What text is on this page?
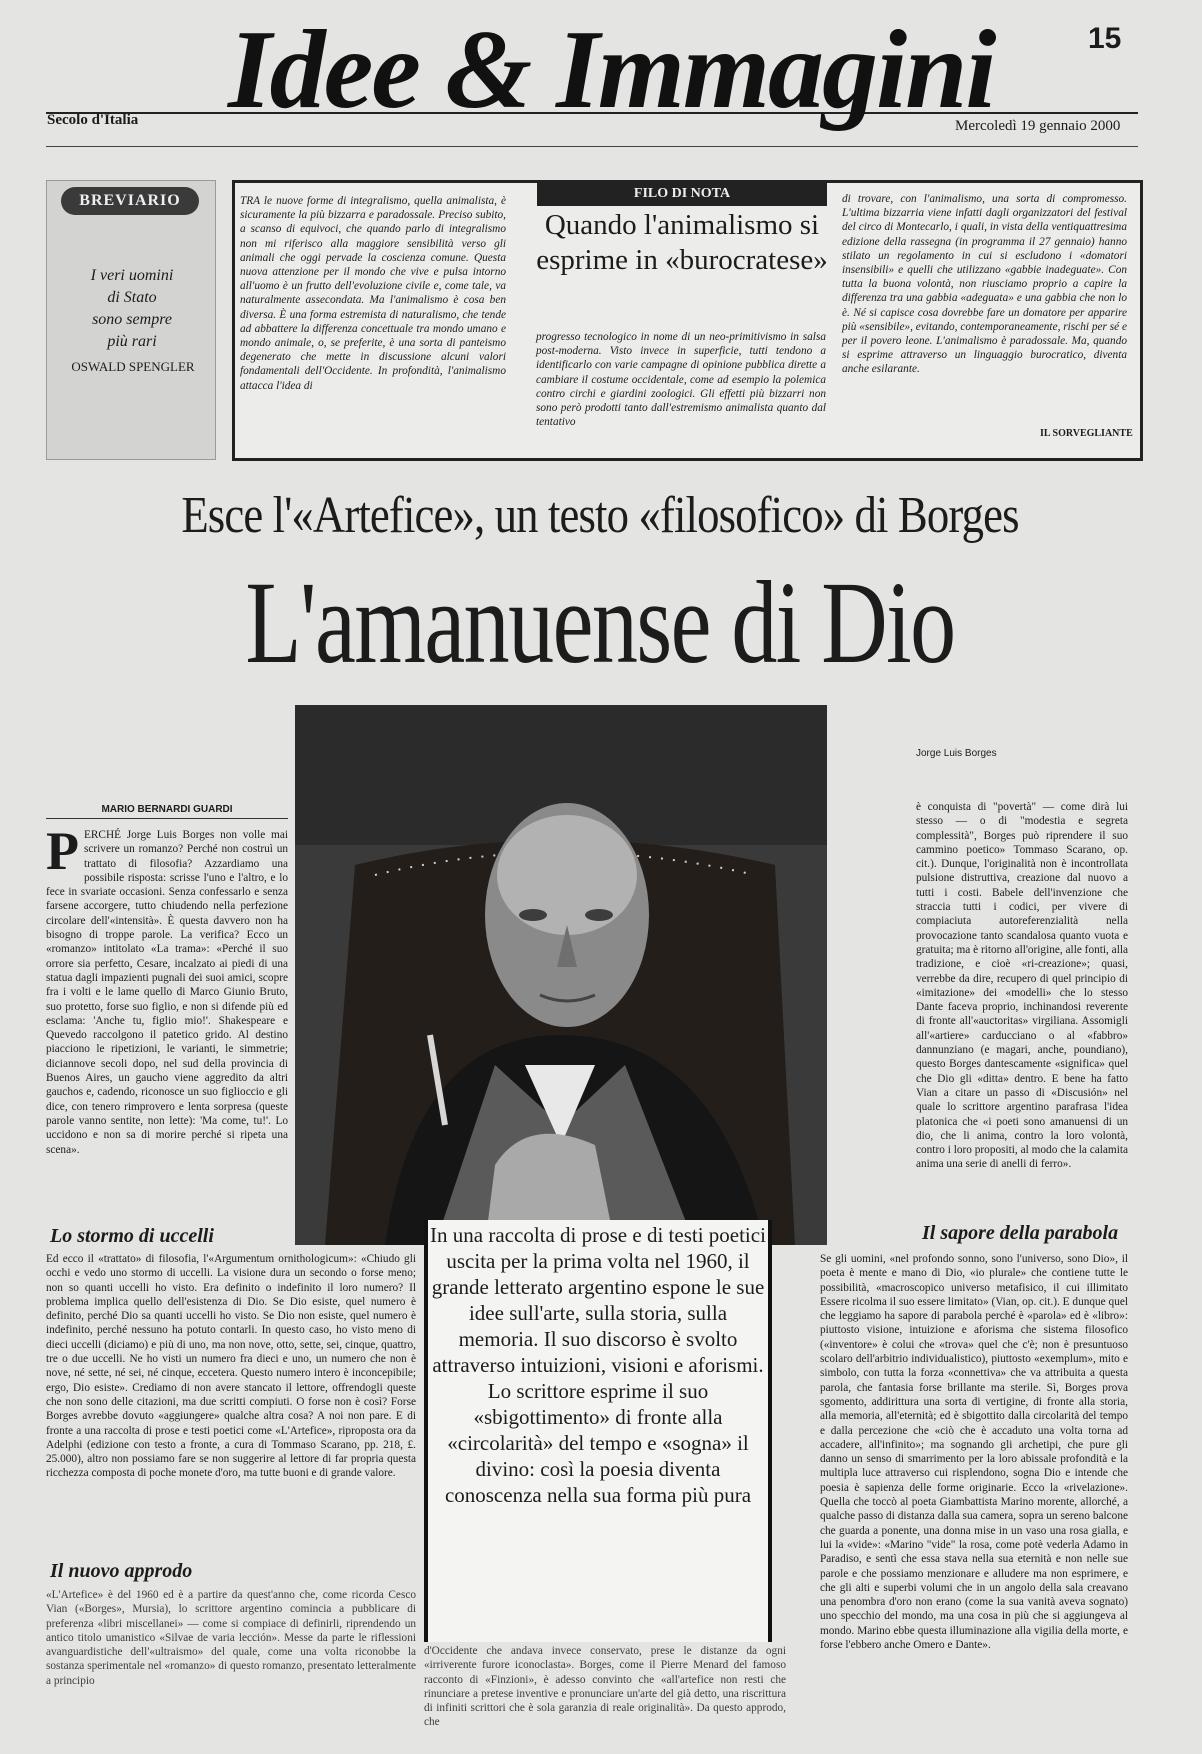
15
Secolo d'Italia Idee & Immagini
Mercoledì 19 gennaio 2000
BREVIARIO
I veri uomini
di Stato
sono sempre
più rari
OSWALD SPENGLER
TRA le nuove forme di integralismo, quella animalista, è sicuramente la più bizzarra e paradossale. Preciso subito, a scanso di equivoci, che quando parlo di integralismo non mi riferisco alla maggiore sensibilità verso gli animali che oggi pervade la coscienza comune. Questa nuova attenzione per il mondo che vive e pulsa intorno all'uomo è un frutto dell'evoluzione civile e, come tale, va naturalmente assecondata. Ma l'animalismo è cosa ben diversa. È una forma estremista di naturalismo, che tende ad abbattere la differenza concettuale tra mondo umano e mondo animale, o, se preferite, è una sorta di panteismo degenerato che mette in discussione alcuni valori fondamentali dell'Occidente. In profondità, l'animalismo attacca l'idea di
FILO DI NOTA
Quando l'animalismo si esprime in «burocratese»
progresso tecnologico in nome di un neo-primitivismo in salsa post-moderna. Visto invece in superficie, tutti tendono a identificarlo con varie campagne di opinione pubblica dirette a cambiare il costume occidentale, come ad esempio la polemica contro circhi e giardini zoologici. Gli effetti più bizzarri non sono però prodotti tanto dall'estremismo animalista quanto dal tentativo
di trovare, con l'animalismo, una sorta di compromesso. L'ultima bizzarria viene infatti dagli organizzatori del festival del circo di Montecarlo, i quali, in vista della ventiquattresima edizione della rassegna (in programma il 27 gennaio) hanno stilato un regolamento in cui si escludono i «domatori insensibili» e quelli che utilizzano «gabbie inadeguate». Con tutta la buona volontà, non riusciamo proprio a capire la differenza tra una gabbia «adeguata» e una gabbia che non lo è. Né si capisce cosa dovrebbe fare un domatore per apparire più «sensibile», evitando, contemporaneamente, rischi per sé e per il povero leone. L'animalismo è paradossale. Ma, quando si esprime attraverso un linguaggio burocratico, diventa anche esilarante.
IL SORVEGLIANTE
Esce l'«Artefice», un testo «filosofico» di Borges
L'amanuense di Dio
Jorge Luis Borges
MARIO BERNARDI GUARDI
PERCHÉ Jorge Luis Borges non volle mai scrivere un romanzo? Perché non costruì un trattato di filosofia? Azzardiamo una possibile risposta: scrisse l'uno e l'altro, e lo fece in svariate occasioni. Senza confessarlo e senza farsene accorgere, tutto chiudendo nella perfezione circolare dell'«intensità». È questa davvero non ha bisogno di troppe parole. La verifica? Ecco un «romanzo» intitolato «La trama»: «Perché il suo orrore sia perfetto, Cesare, incalzato ai piedi di una statua dagli impazienti pugnali dei suoi amici, scopre fra i volti e le lame quello di Marco Giunio Bruto, suo protetto, forse suo figlio, e non si difende più ed esclama: 'Anche tu, figlio mio!'. Shakespeare e Quevedo raccolgono il patetico grido. Al destino piacciono le ripetizioni, le varianti, le simmetrie; diciannove secoli dopo, nel sud della provincia di Buenos Aires, un gaucho viene aggredito da altri gauchos e, cadendo, riconosce un suo figlioccio e gli dice, con tenero rimprovero e lenta sorpresa (queste parole vanno sentite, non lette): 'Ma come, tu!'. Lo uccidono e non sa di morire perché si ripeta una scena».
Lo stormo di uccelli
Ed ecco il «trattato» di filosofia, l'«Argumentum ornithologicum»: «Chiudo gli occhi e vedo uno stormo di uccelli. La visione dura un secondo o forse meno; non so quanti uccelli ho visto. Era definito o indefinito il loro numero? Il problema implica quello dell'esistenza di Dio. Se Dio esiste, quel numero è definito, perché Dio sa quanti uccelli ho visto. Se Dio non esiste, quel numero è indefinito, perché nessuno ha potuto contarli. In questo caso, ho visto meno di dieci uccelli (diciamo) e più di uno, ma non nove, otto, sette, sei, cinque, quattro, tre o due uccelli. Ne ho visti un numero fra dieci e uno, un numero che non è nove, né sette, né sei, né cinque, eccetera. Questo numero intero è inconcepibile; ergo, Dio esiste». Crediamo di non avere stancato il lettore, offrendogli queste che non sono delle citazioni, ma due scritti compiuti. O forse non è così? Forse Borges avrebbe dovuto «aggiungere» qualche altra cosa? A noi non pare. E di fronte a una raccolta di prose e testi poetici come «L'Artefice», riproposta ora da Adelphi (edizione con testo a fronte, a cura di Tommaso Scarano, pp. 218, £. 25.000), altro non possiamo fare se non suggerire al lettore di far propria questa ricchezza composta di poche monete d'oro, ma tutte buoni e di grande valore.
Il nuovo approdo
«L'Artefice» è del 1960 ed è a partire da quest'anno che, come ricorda Cesco Vian («Borges», Mursia), lo scrittore argentino comincia a pubblicare di preferenza «libri miscellanei» — come si compiace di definirli, riprendendo un antico titolo umanistico «Silvae de varia lección». Messe da parte le riflessioni avanguardistiche dell'«ultraismo» del quale, come una volta riconobbe la sostanza sperimentale nel «romanzo» di questo romanzo, presentato letteralmente a principio
In una raccolta di prose e di testi poetici uscita per la prima volta nel 1960, il grande letterato argentino espone le sue idee sull'arte, sulla storia, sulla memoria. Il suo discorso è svolto attraverso intuizioni, visioni e aforismi. Lo scrittore esprime il suo «sbigottimento» di fronte alla «circolarità» del tempo e «sogna» il divino: così la poesia diventa conoscenza nella sua forma più pura
d'Occidente che andava invece conservato, prese le distanze da ogni «irriverente furore iconoclasta». Borges, come il Pierre Menard del famoso racconto di «Finzioni», è adesso convinto che «all'artefice non resti che rinunciare a pretese inventive e pronunciare un'arte del già detto, una riscrittura di infiniti scrittori che è sola garanzia di reale originalità». Da questo approdo, che
è conquista di "povertà" — come dirà lui stesso — o di "modestia e segreta complessità", Borges può riprendere il suo cammino poetico» Tommaso Scarano, op. cit.). Dunque, l'originalità non è incontrollata pulsione distruttiva, creazione dal nuovo a tutti i costi. Babele dell'invenzione che straccia tutti i codici, per vivere di compiaciuta autoreferenzialità nella provocazione tanto scandalosa quanto vuota e gratuita; ma è ritorno all'origine, alle fonti, alla tradizione, e cioè «ri-creazione»; quasi, verrebbe da dire, recupero di quel principio di «imitazione» dei «modelli» che lo stesso Dante faceva proprio, inchinandosi reverente di fronte all'«auctoritas» virgiliana. Assomigli all'«artiere» carducciano o al «fabbro» dannunziano (e magari, anche, poundiano), questo Borges dantescamente «significa» quel che Dio gli «ditta» dentro. E bene ha fatto Vian a citare un passo di «Discusión» nel quale lo scrittore argentino parafrasa l'idea platonica che «i poeti sono amanuensi di un dio, che li anima, contro la loro volontà, contro i loro propositi, al modo che la calamita anima una serie di anelli di ferro».
Il sapore della parabola
Se gli uomini, «nel profondo sonno, sono l'universo, sono Dio», il poeta è mente e mano di Dio, «io plurale» che contiene tutte le possibilità, «macroscopico universo metafisico, il cui illimitato Essere ricolma il suo essere limitato» (Vian, op. cit.). E dunque quel che leggiamo ha sapore di parabola perché è «parola» ed è «libro»: piuttosto visione, intuizione e aforisma che sistema filosofico («inventore» è colui che «trova» quel che c'è; non è presuntuoso scolaro dell'arbitrio individualistico), piuttosto «exemplum», mito e simbolo, con tutta la forza «connettiva» che va attribuita a questa parola, che fantasia forse brillante ma sterile. Sì, Borges prova sgomento, addirittura una sorta di vertigine, di fronte alla storia, alla memoria, all'eternità; ed è sbigottito dalla circolarità del tempo e dalla percezione che «ciò che è accaduto una volta torna ad accadere, all'infinito»; ma sognando gli archetipi, che pure gli danno un senso di smarrimento per la loro abissale profondità e la multipla luce attraverso cui risplendono, sogna Dio e intende che poesia è sapienza delle forme originarie. Ecco la «rivelazione». Quella che toccò al poeta Giambattista Marino morente, allorché, a qualche passo di distanza dalla sua camera, sopra un sereno balcone che guarda a ponente, una donna mise in un vaso una rosa gialla, e lui la «vide»: «Marino "vide" la rosa, come potè vederla Adamo in Paradiso, e sentì che essa stava nella sua eternità e non nelle sue parole e che possiamo menzionare e alludere ma non esprimere, e che gli alti e superbi volumi che in un angolo della sala creavano una penombra d'oro non erano (come la sua vanità aveva sognato) uno specchio del mondo, ma una cosa in più che si aggiungeva al mondo. Marino ebbe questa illuminazione alla vigilia della morte, e forse l'ebbero anche Omero e Dante».
